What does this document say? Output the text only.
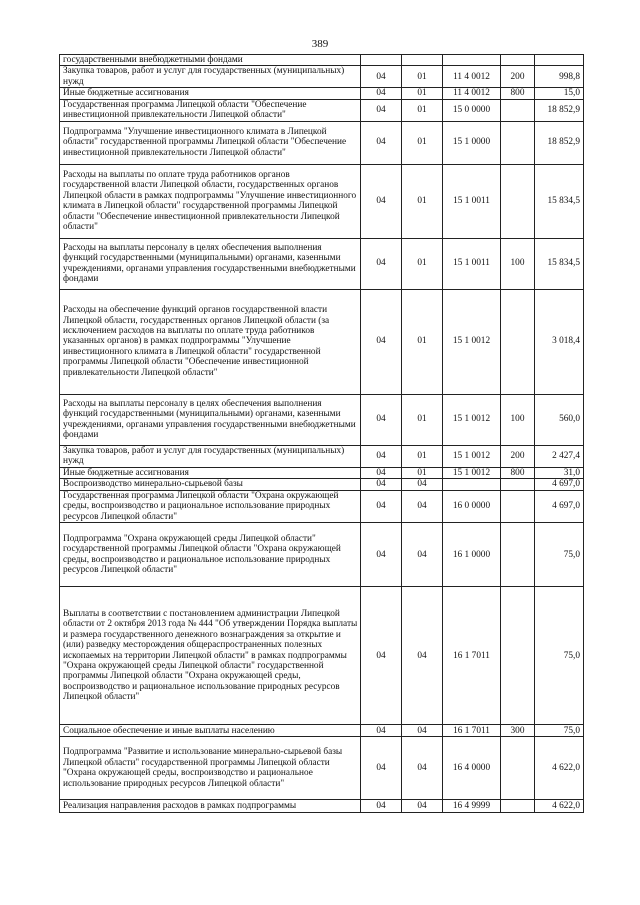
389
государственными внебюджетными фондами					
Закупка товаров, работ и услуг для государственных (муниципальных) нужд	04	01	11 4 0012	200	998,8
Иные бюджетные ассигнования	04	01	11 4 0012	800	15,0
Государственная программа Липецкой области "Обеспечение инвестиционной привлекательности Липецкой области"	04	01	15 0 0000		18 852,9
Подпрограмма "Улучшение инвестиционного климата в Липецкой области" государственной программы Липецкой области "Обеспечение инвестиционной привлекательности Липецкой области"	04	01	15 1 0000		18 852,9
Расходы на выплаты по оплате труда работников органов государственной власти Липецкой области, государственных органов Липецкой области в рамках подпрограммы "Улучшение инвестиционного климата в Липецкой области" государственной программы Липецкой области "Обеспечение инвестиционной привлекательности Липецкой области"	04	01	15 1 0011		15 834,5
Расходы на выплаты персоналу в целях обеспечения выполнения функций государственными (муниципальными) органами, казенными учреждениями, органами управления государственными внебюджетными фондами	04	01	15 1 0011	100	15 834,5
Расходы на обеспечение функций органов государственной власти Липецкой области, государственных органов Липецкой области (за исключением расходов на выплаты по оплате труда работников указанных органов) в рамках подпрограммы "Улучшение инвестиционного климата в Липецкой области" государственной программы Липецкой области "Обеспечение инвестиционной привлекательности Липецкой области"	04	01	15 1 0012		3 018,4
Расходы на выплаты персоналу в целях обеспечения выполнения функций государственными (муниципальными) органами, казенными учреждениями, органами управления государственными внебюджетными фондами	04	01	15 1 0012	100	560,0
Закупка товаров, работ и услуг для государственных (муниципальных) нужд	04	01	15 1 0012	200	2 427,4
Иные бюджетные ассигнования	04	01	15 1 0012	800	31,0
Воспроизводство минерально-сырьевой базы	04	04			4 697,0
Государственная программа Липецкой области "Охрана окружающей среды, воспроизводство и рациональное использование природных ресурсов Липецкой области"	04	04	16 0 0000		4 697,0
Подпрограмма "Охрана окружающей среды Липецкой области" государственной программы Липецкой области "Охрана окружающей среды, воспроизводство и рациональное использование природных ресурсов Липецкой области"	04	04	16 1 0000		75,0
Выплаты в соответствии с постановлением администрации Липецкой области от 2 октября 2013 года № 444 "Об утверждении Порядка выплаты и размера государственного денежного вознаграждения за открытие и (или) разведку месторождения общераспространенных полезных ископаемых на территории Липецкой области" в рамках подпрограммы "Охрана окружающей среды Липецкой области" государственной программы Липецкой области "Охрана окружающей среды, воспроизводство и рациональное использование природных ресурсов Липецкой области"	04	04	16 1 7011		75,0
Социальное обеспечение и иные выплаты населению	04	04	16 1 7011	300	75,0
Подпрограмма "Развитие и использование минерально-сырьевой базы Липецкой области" государственной программы Липецкой области "Охрана окружающей среды, воспроизводство и рациональное использование природных ресурсов Липецкой области"	04	04	16 4 0000		4 622,0
Реализация направления расходов в рамках подпрограммы	04	04	16 4 9999		4 622,0
